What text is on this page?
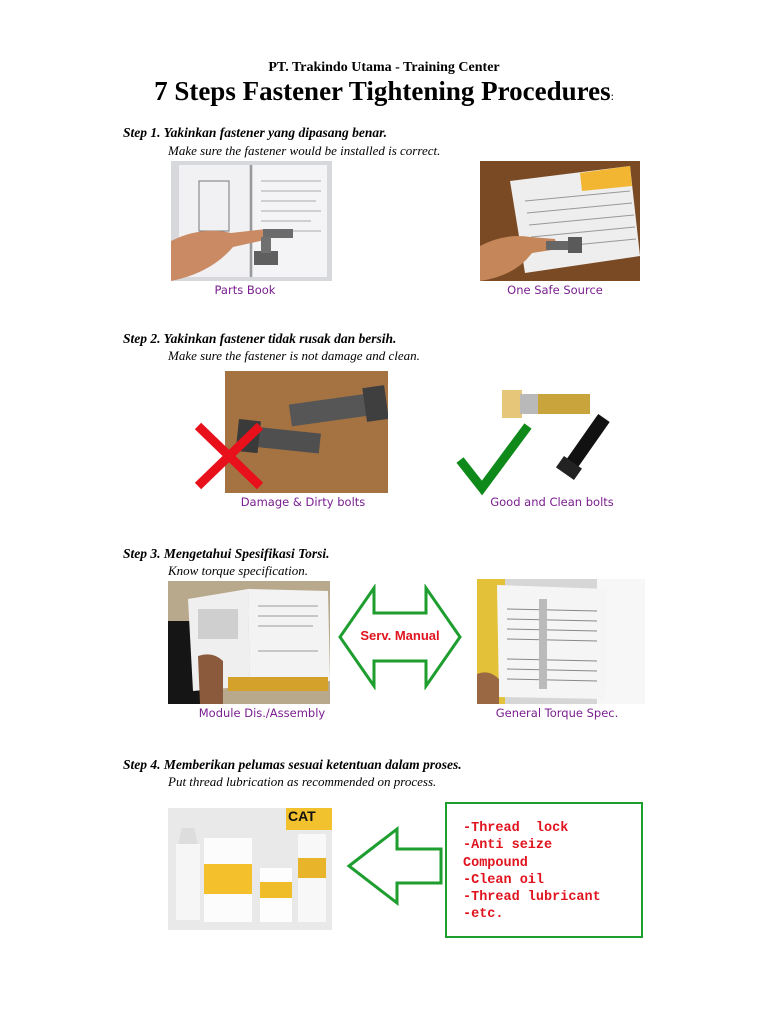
PT. Trakindo Utama - Training Center
7 Steps Fastener Tightening Procedures:
Step 1. Yakinkan fastener yang dipasang benar.
Make sure the fastener would be installed is correct.
Parts Book	One Safe Source
Step 2. Yakinkan fastener tidak rusak dan bersih.
Make sure the fastener is not damage and clean.
Damage & Dirty bolts	Good and Clean bolts
Step 3. Mengetahui Spesifikasi Torsi.
Know torque specification.
Serv. Manual
Module Dis./Assembly	General Torque Spec.
Step 4. Memberikan pelumas sesuai ketentuan dalam proses.
Put thread lubrication as recommended on process.
CAT
-Thread  lock
-Anti seize
Compound
-Clean oil
-Thread lubricant
-etc.
